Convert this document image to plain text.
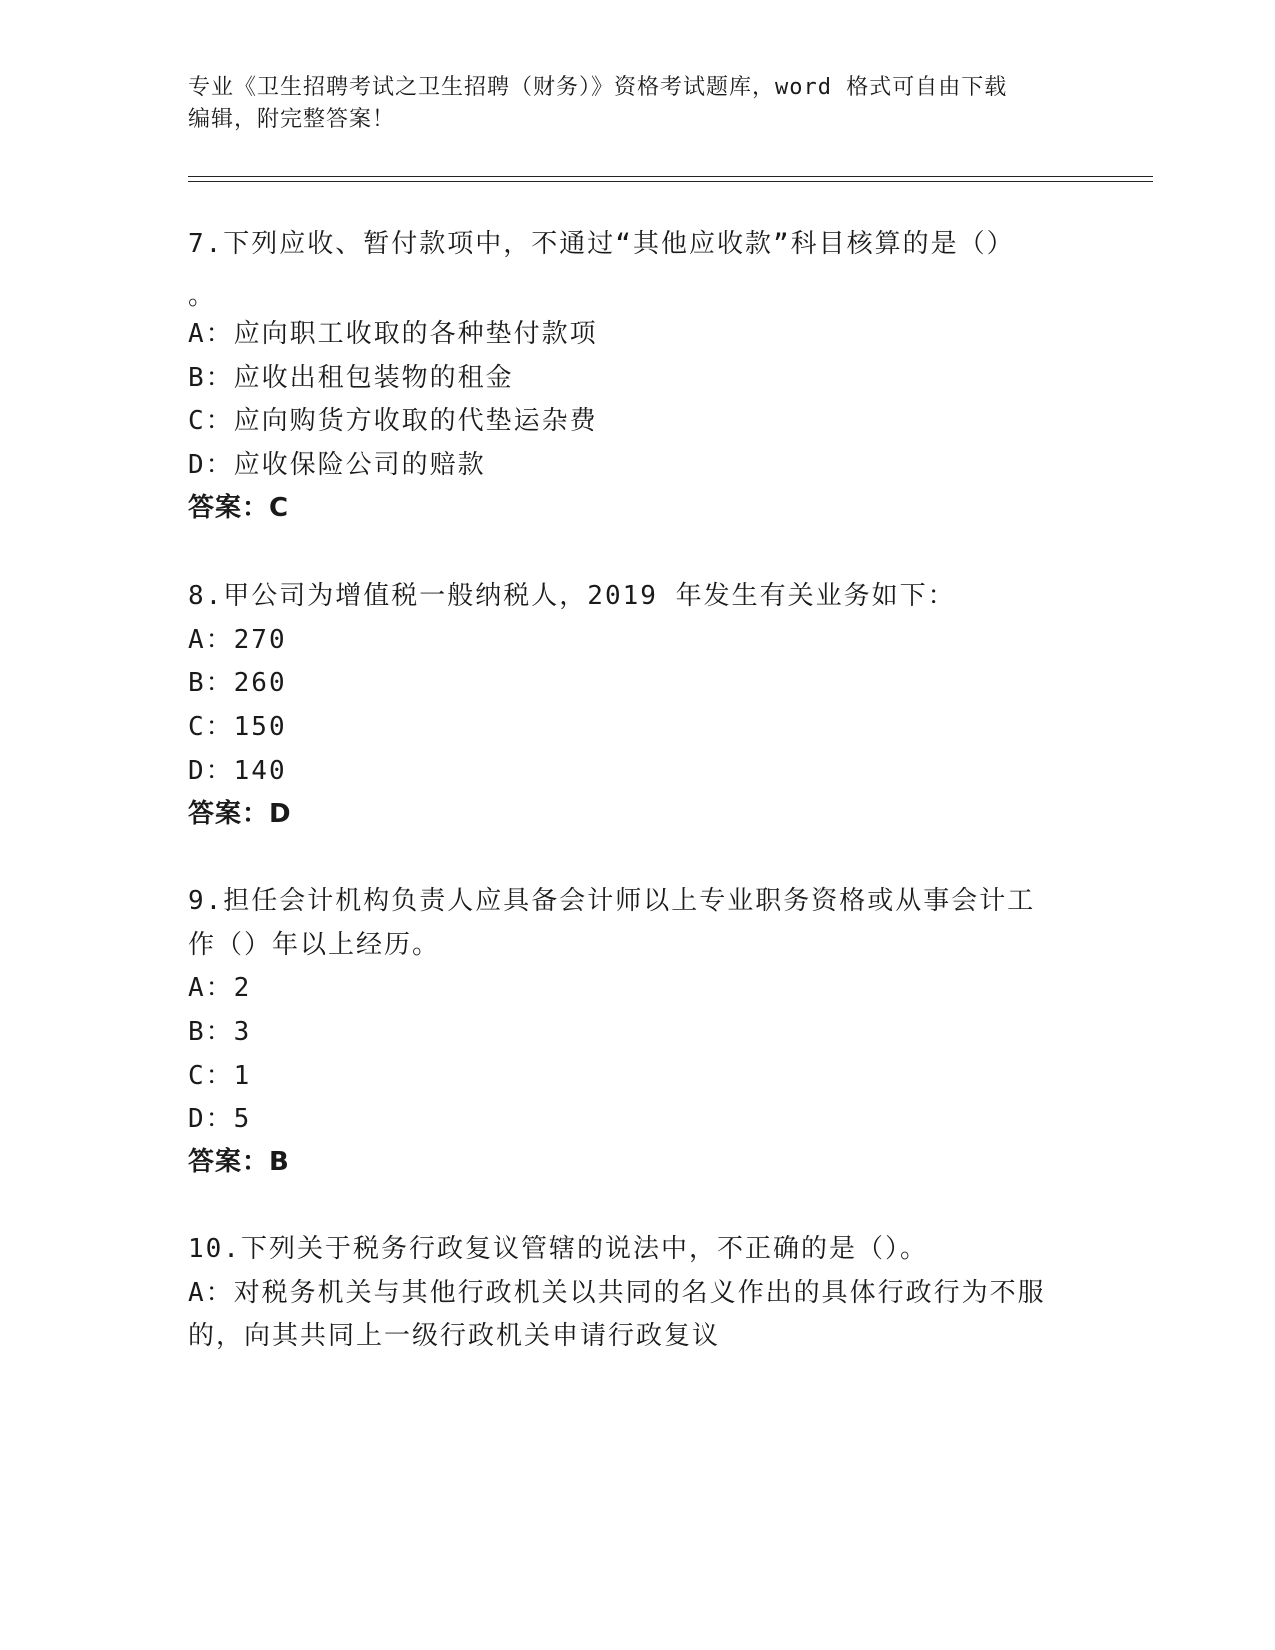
专业《卫生招聘考试之卫生招聘（财务）》资格考试题库，word 格式可自由下载
编辑，附完整答案！
7.下列应收、暂付款项中，不通过“其他应收款”科目核算的是（）
。
A：应向职工收取的各种垫付款项
B：应收出租包装物的租金
C：应向购货方收取的代垫运杂费
D：应收保险公司的赔款
答案：C
8.甲公司为增值税一般纳税人，2019 年发生有关业务如下：
A：270
B：260
C：150
D：140
答案：D
9.担任会计机构负责人应具备会计师以上专业职务资格或从事会计工
作（）年以上经历。
A：2
B：3
C：1
D：5
答案：B
10.下列关于税务行政复议管辖的说法中，不正确的是（）。
A：对税务机关与其他行政机关以共同的名义作出的具体行政行为不服
的，向其共同上一级行政机关申请行政复议
